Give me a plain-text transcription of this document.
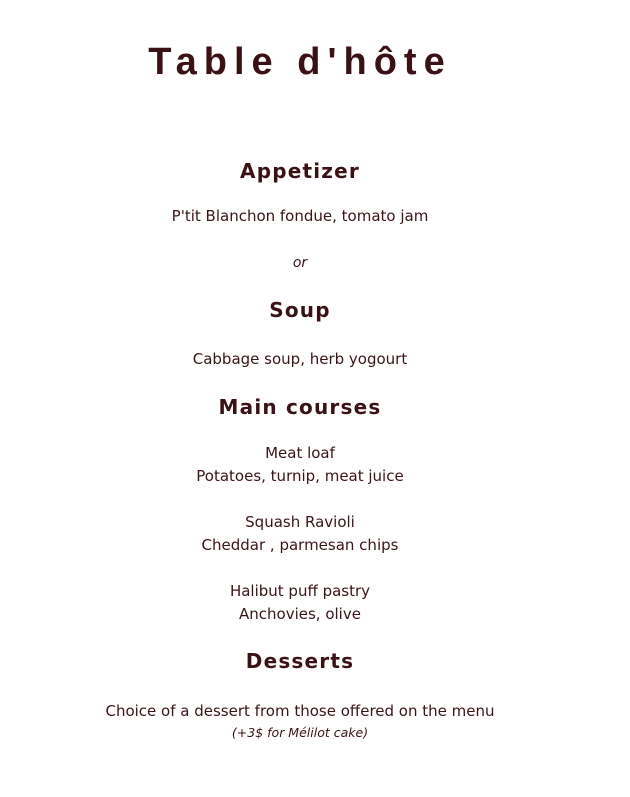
Table d'hôte
Appetizer
P'tit Blanchon fondue, tomato jam
or
Soup
Cabbage soup, herb yogourt
Main courses
Meat loaf
Potatoes, turnip, meat juice
Squash Ravioli
Cheddar , parmesan chips
Halibut puff pastry
Anchovies, olive
Desserts
Choice of a dessert from those offered on the menu
(+3$ for Mélilot cake)
